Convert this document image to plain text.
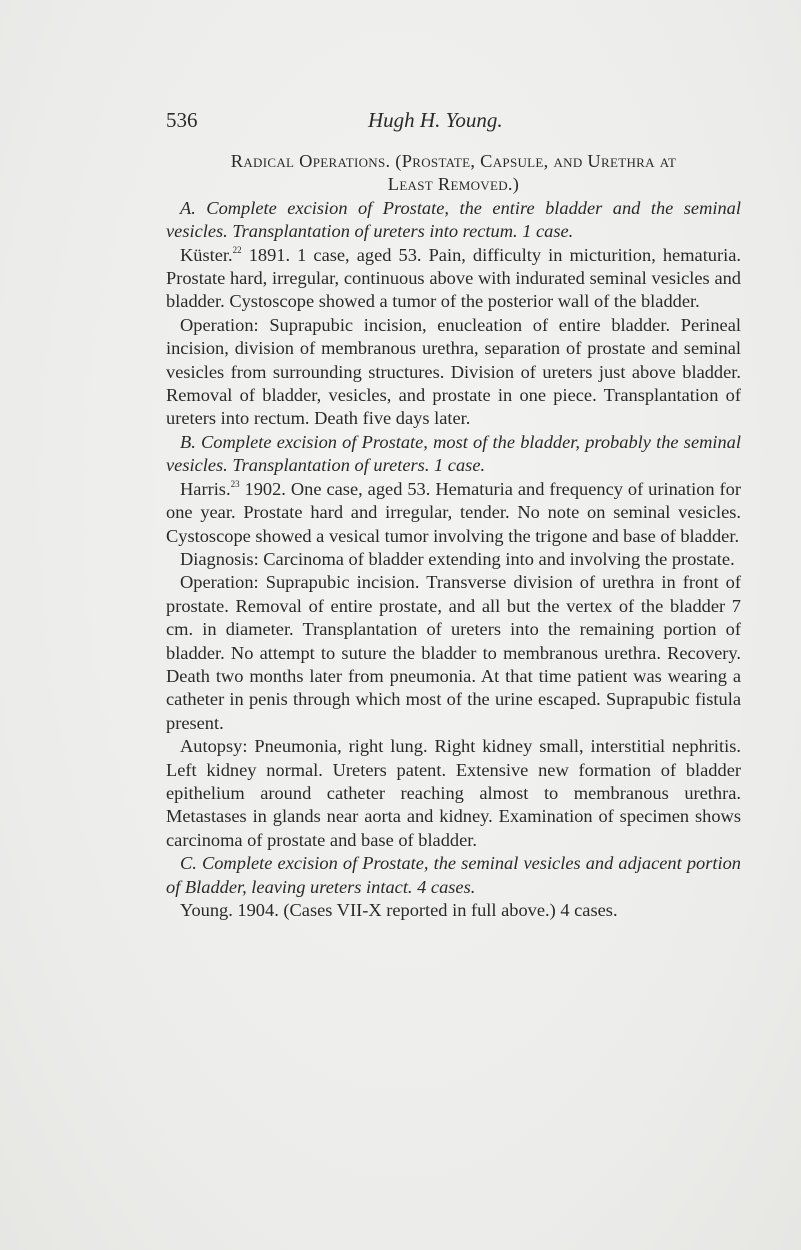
536	Hugh H. Young.

Radical Operations. (Prostate, Capsule, and Urethra at
Least Removed.)

A. Complete excision of Prostate, the entire bladder and the seminal vesicles. Transplantation of ureters into rectum. 1 case.

Küster.$^{22}$ 1891. 1 case, aged 53. Pain, difficulty in micturition, hematuria. Prostate hard, irregular, continuous above with indurated seminal vesicles and bladder. Cystoscope showed a tumor of the posterior wall of the bladder.

Operation: Suprapubic incision, enucleation of entire bladder. Perineal incision, division of membranous urethra, separation of prostate and seminal vesicles from surrounding structures. Division of ureters just above bladder. Removal of bladder, vesicles, and prostate in one piece. Transplantation of ureters into rectum. Death five days later.

B. Complete excision of Prostate, most of the bladder, probably the seminal vesicles. Transplantation of ureters. 1 case.

Harris.$^{23}$ 1902. One case, aged 53. Hematuria and frequency of urination for one year. Prostate hard and irregular, tender. No note on seminal vesicles. Cystoscope showed a vesical tumor involving the trigone and base of bladder.

Diagnosis: Carcinoma of bladder extending into and involving the prostate.

Operation: Suprapubic incision. Transverse division of urethra in front of prostate. Removal of entire prostate, and all but the vertex of the bladder 7 cm. in diameter. Transplantation of ureters into the remaining portion of bladder. No attempt to suture the bladder to membranous urethra. Recovery. Death two months later from pneumonia. At that time patient was wearing a catheter in penis through which most of the urine escaped. Suprapubic fistula present.

Autopsy: Pneumonia, right lung. Right kidney small, interstitial nephritis. Left kidney normal. Ureters patent. Extensive new formation of bladder epithelium around catheter reaching almost to membranous urethra. Metastases in glands near aorta and kidney. Examination of specimen shows carcinoma of prostate and base of bladder.

C. Complete excision of Prostate, the seminal vesicles and adjacent portion of Bladder, leaving ureters intact. 4 cases.

Young. 1904. (Cases VII-X reported in full above.) 4 cases.
